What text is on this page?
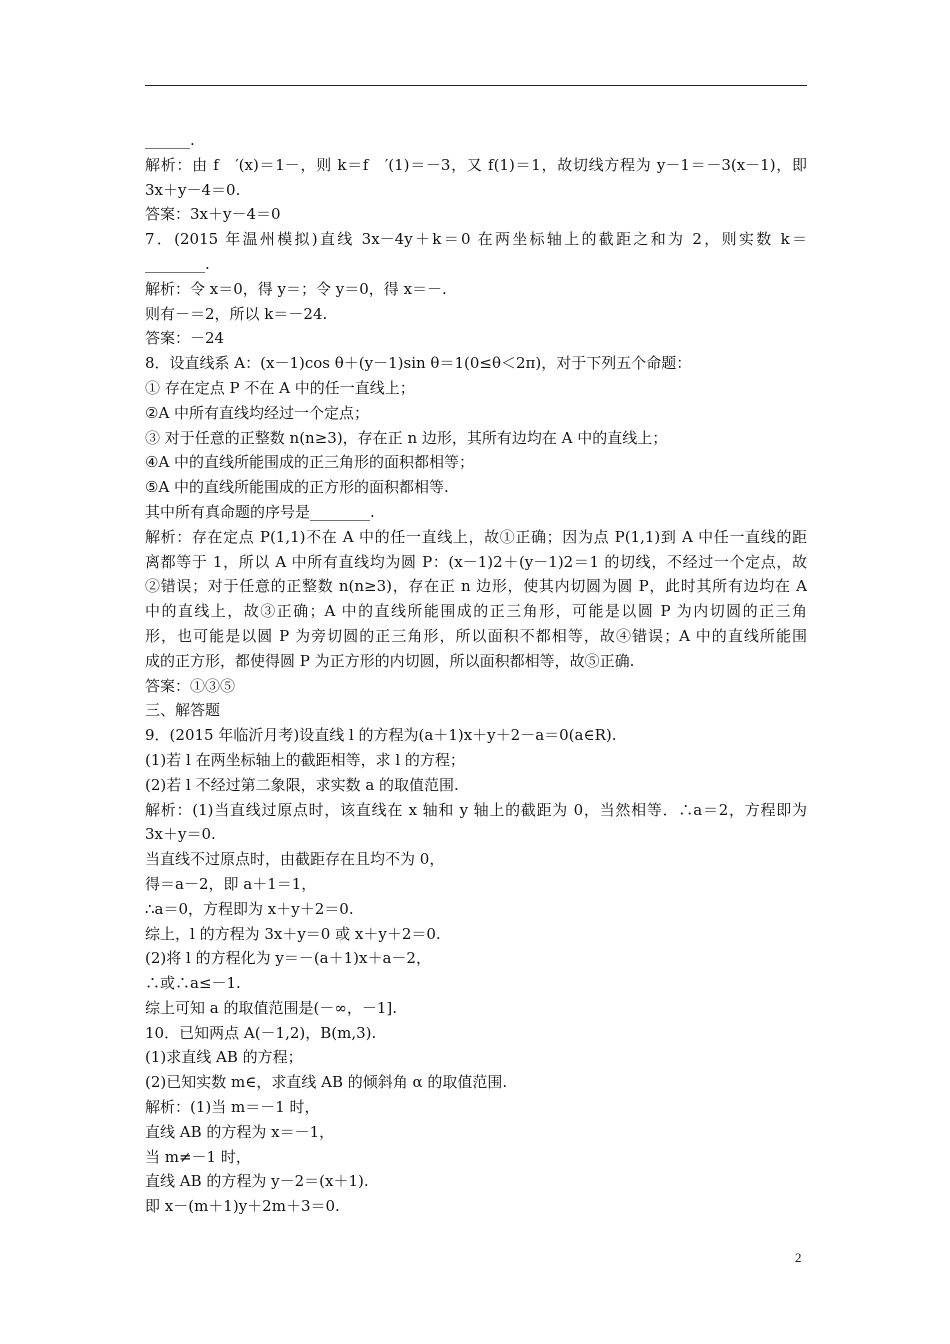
______.
解析：由 f　′(x)＝1－，则 k＝f　′(1)＝－3，又 f(1)＝1，故切线方程为 y－1＝－3(x－1)，即
3x＋y－4＝0.
答案：3x＋y－4＝0
7．(2015 年温州模拟)直线 3x－4y＋k＝0 在两坐标轴上的截距之和为 2，则实数 k＝
________.
解析：令 x＝0，得 y＝；令 y＝0，得 x＝－.
则有－＝2，所以 k＝－24.
答案：－24
8．设直线系 A：(x－1)cos θ＋(y－1)sin θ＝1(0≤θ＜2π)，对于下列五个命题：
① 存在定点 P 不在 A 中的任一直线上；
②A 中所有直线均经过一个定点；
③ 对于任意的正整数 n(n≥3)，存在正 n 边形，其所有边均在 A 中的直线上；
④A 中的直线所能围成的正三角形的面积都相等；
⑤A 中的直线所能围成的正方形的面积都相等.
其中所有真命题的序号是________.
解析：存在定点 P(1,1)不在 A 中的任一直线上，故①正确；因为点 P(1,1)到 A 中任一直线的距
离都等于 1，所以 A 中所有直线均为圆 P：(x－1)2＋(y－1)2＝1 的切线，不经过一个定点，故
②错误；对于任意的正整数 n(n≥3)，存在正 n 边形，使其内切圆为圆 P，此时其所有边均在 A
中的直线上，故③正确；A 中的直线所能围成的正三角形，可能是以圆 P 为内切圆的正三角
形，也可能是以圆 P 为旁切圆的正三角形，所以面积不都相等，故④错误；A 中的直线所能围
成的正方形，都使得圆 P 为正方形的内切圆，所以面积都相等，故⑤正确.
答案：①③⑤
三、解答题
9．(2015 年临沂月考)设直线 l 的方程为(a＋1)x＋y＋2－a＝0(a∈R).
(1)若 l 在两坐标轴上的截距相等，求 l 的方程；
(2)若 l 不经过第二象限，求实数 a 的取值范围.
解析：(1)当直线过原点时，该直线在 x 轴和 y 轴上的截距为 0，当然相等．∴a＝2，方程即为
3x＋y＝0.
当直线不过原点时，由截距存在且均不为 0，
得＝a－2，即 a＋1＝1，
∴a＝0，方程即为 x＋y＋2＝0.
综上，l 的方程为 3x＋y＝0 或 x＋y＋2＝0.
(2)将 l 的方程化为 y＝－(a＋1)x＋a－2，
∴或∴a≤－1.
综上可知 a 的取值范围是(－∞，－1].
10．已知两点 A(－1,2)，B(m,3).
(1)求直线 AB 的方程；
(2)已知实数 m∈，求直线 AB 的倾斜角 α 的取值范围.
解析：(1)当 m＝－1 时，
直线 AB 的方程为 x＝－1，
当 m≠－1 时，
直线 AB 的方程为 y－2＝(x＋1).
即 x－(m＋1)y＋2m＋3＝0.
2
